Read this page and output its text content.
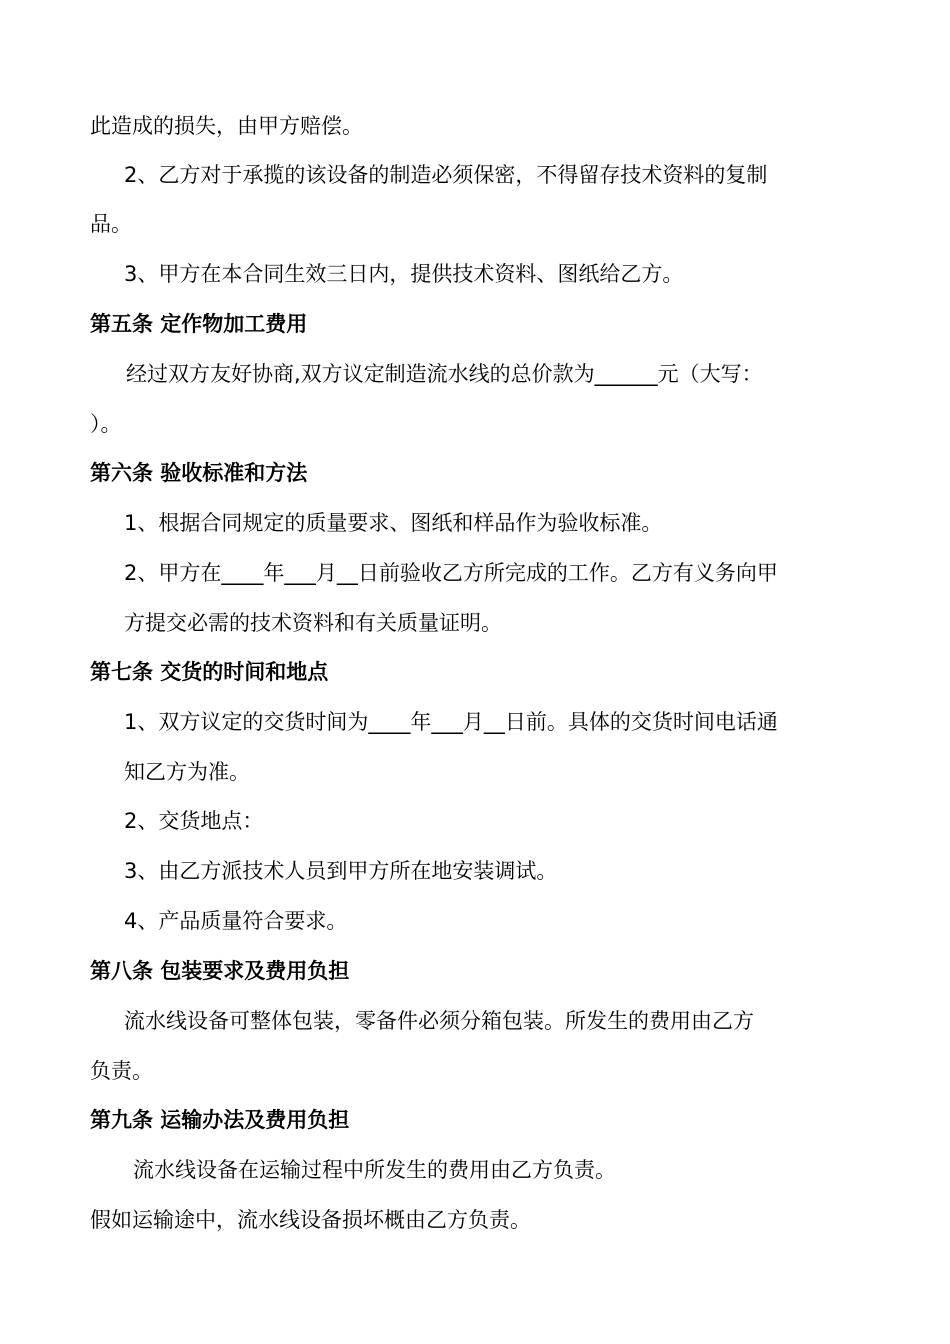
此造成的损失，由甲方赔偿。
2、乙方对于承揽的该设备的制造必须保密，不得留存技术资料的复制
品。
3、甲方在本合同生效三日内，提供技术资料、图纸给乙方。
第五条 定作物加工费用
经过双方友好协商,双方议定制造流水线的总价款为______元（大写：
）。
第六条 验收标准和方法
1、根据合同规定的质量要求、图纸和样品作为验收标准。
2、甲方在____年___月__日前验收乙方所完成的工作。乙方有义务向甲
方提交必需的技术资料和有关质量证明。
第七条 交货的时间和地点
1、双方议定的交货时间为____年___月__日前。具体的交货时间电话通
知乙方为准。
2、交货地点：
3、由乙方派技术人员到甲方所在地安装调试。
4、产品质量符合要求。
第八条 包装要求及费用负担
流水线设备可整体包装，零备件必须分箱包装。所发生的费用由乙方
负责。
第九条 运输办法及费用负担
流水线设备在运输过程中所发生的费用由乙方负责。
假如运输途中，流水线设备损坏概由乙方负责。
